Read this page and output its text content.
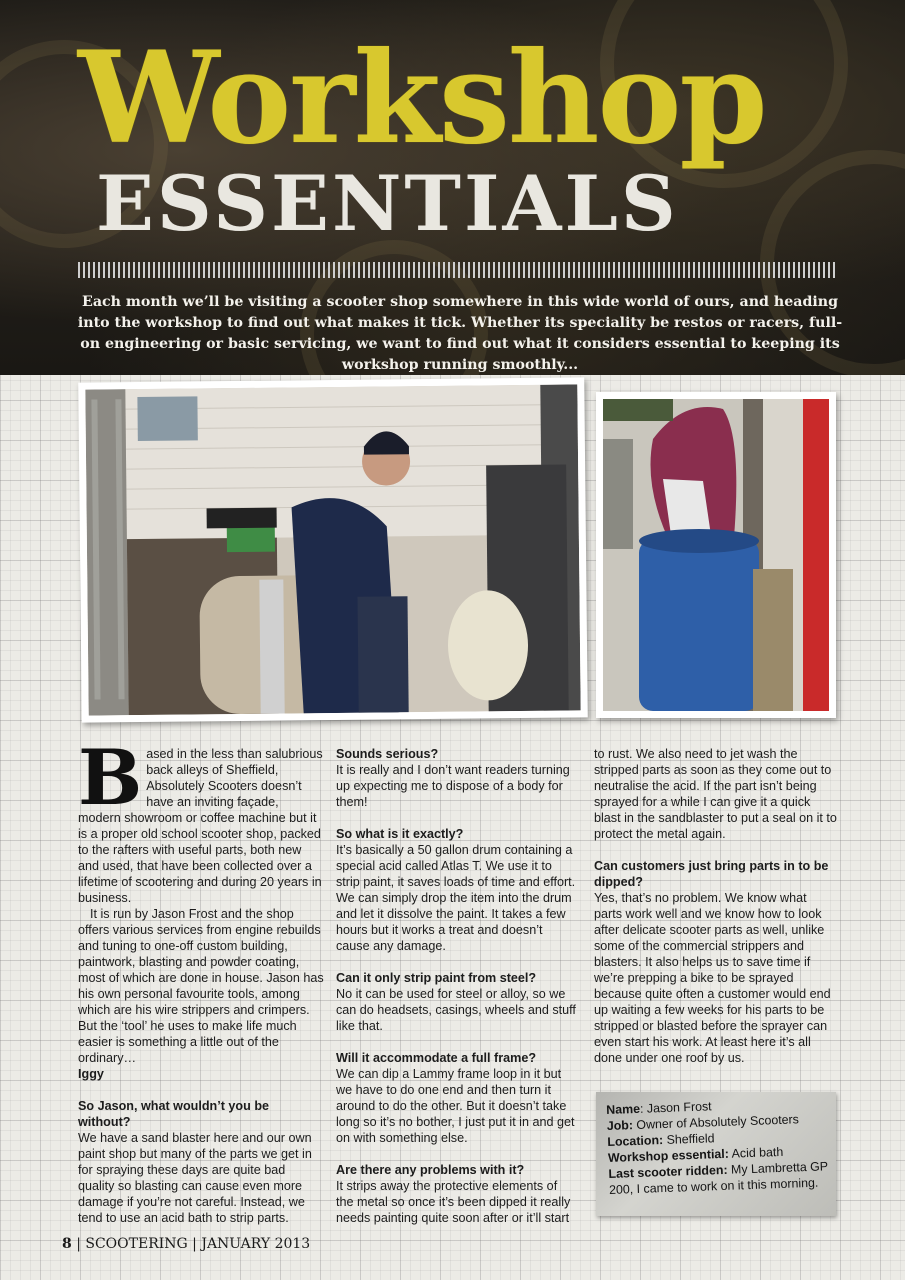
Workshop
ESSENTIALS
Each month we’ll be visiting a scooter shop somewhere in this wide world of ours, and heading into the workshop to find out what makes it tick. Whether its speciality be restos or racers, full-on engineering or basic servicing, we want to find out what it considers essential to keeping its workshop running smoothly...

Based in the less than salubrious back alleys of Sheffield, Absolutely Scooters doesn’t have an inviting façade, modern showroom or coffee machine but it is a proper old school scooter shop, packed to the rafters with useful parts, both new and used, that have been collected over a lifetime of scootering and during 20 years in business.

It is run by Jason Frost and the shop offers various services from engine rebuilds and tuning to one-off custom building, paintwork, blasting and powder coating, most of which are done in house. Jason has his own personal favourite tools, among which are his wire strippers and crimpers. But the ‘tool’ he uses to make life much easier is something a little out of the ordinary…

Iggy

So Jason, what wouldn’t you be without?

We have a sand blaster here and our own paint shop but many of the parts we get in for spraying these days are quite bad quality so blasting can cause even more damage if you’re not careful. Instead, we tend to use an acid bath to strip parts.

Sounds serious?

It is really and I don’t want readers turning up expecting me to dispose of a body for them!

So what is it exactly?

It’s basically a 50 gallon drum containing a special acid called Atlas T. We use it to strip paint, it saves loads of time and effort. We can simply drop the item into the drum and let it dissolve the paint. It takes a few hours but it works a treat and doesn’t cause any damage.

Can it only strip paint from steel?

No it can be used for steel or alloy, so we can do headsets, casings, wheels and stuff like that.

Will it accommodate a full frame?

We can dip a Lammy frame loop in it but we have to do one end and then turn it around to do the other. But it doesn’t take long so it’s no bother, I just put it in and get on with something else.

Are there any problems with it?

It strips away the protective elements of the metal so once it’s been dipped it really needs painting quite soon after or it’ll start

to rust. We also need to jet wash the stripped parts as soon as they come out to neutralise the acid. If the part isn’t being sprayed for a while I can give it a quick blast in the sandblaster to put a seal on it to protect the metal again.

Can customers just bring parts in to be dipped?

Yes, that’s no problem. We know what parts work well and we know how to look after delicate scooter parts as well, unlike some of the commercial strippers and blasters. It also helps us to save time if we’re prepping a bike to be sprayed because quite often a customer would end up waiting a few weeks for his parts to be stripped or blasted before the sprayer can even start his work. At least here it’s all done under one roof by us.

Name: Jason Frost
Job: Owner of Absolutely Scooters
Location: Sheffield
Workshop essential: Acid bath
Last scooter ridden: My Lambretta GP 200, I came to work on it this morning.
8 | SCOOTERING | JANUARY 2013
